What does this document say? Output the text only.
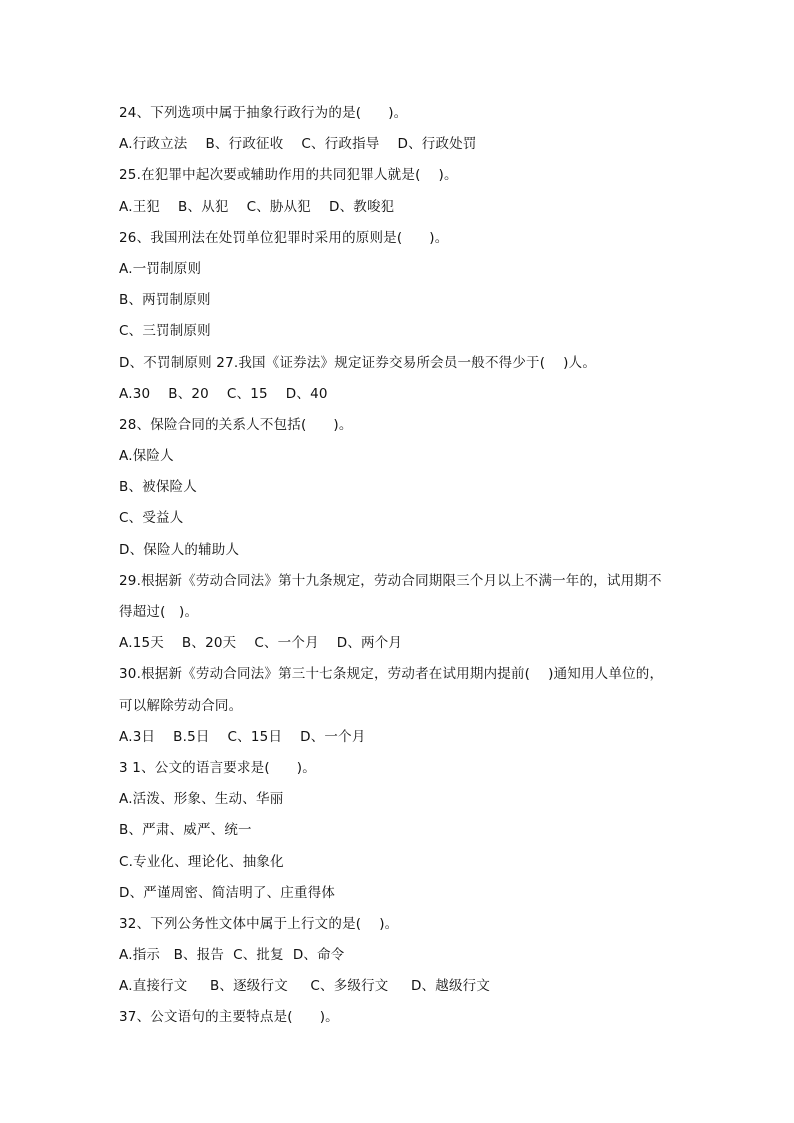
24、下列选项中属于抽象行政行为的是(      )。
A.行政立法    B、行政征收    C、行政指导    D、行政处罚
25.在犯罪中起次要或辅助作用的共同犯罪人就是(    )。
A.王犯    B、从犯    C、胁从犯    D、教唆犯
26、我国刑法在处罚单位犯罪时采用的原则是(      )。
A.一罚制原则
B、两罚制原则
C、三罚制原则
D、不罚制原则 27.我国《证券法》规定证券交易所会员一般不得少于(    )人。
A.30    B、20    C、15    D、40
28、保险合同的关系人不包括(      )。
A.保险人
B、被保险人
C、受益人
D、保险人的辅助人
29.根据新《劳动合同法》第十九条规定，劳动合同期限三个月以上不满一年的，试用期不
得超过(   )。
A.15天    B、20天    C、一个月    D、两个月
30.根据新《劳动合同法》第三十七条规定，劳动者在试用期内提前(    )通知用人单位的，
可以解除劳动合同。
A.3日    B.5日    C、15日    D、一个月
3 1、公文的语言要求是(      )。
A.活泼、形象、生动、华丽
B、严肃、威严、统一
C.专业化、理论化、抽象化
D、严谨周密、简洁明了、庄重得体
32、下列公务性文体中属于上行文的是(    )。
A.指示   B、报告  C、批复  D、命令
A.直接行文     B、逐级行文     C、多级行文     D、越级行文
37、公文语句的主要特点是(      )。
